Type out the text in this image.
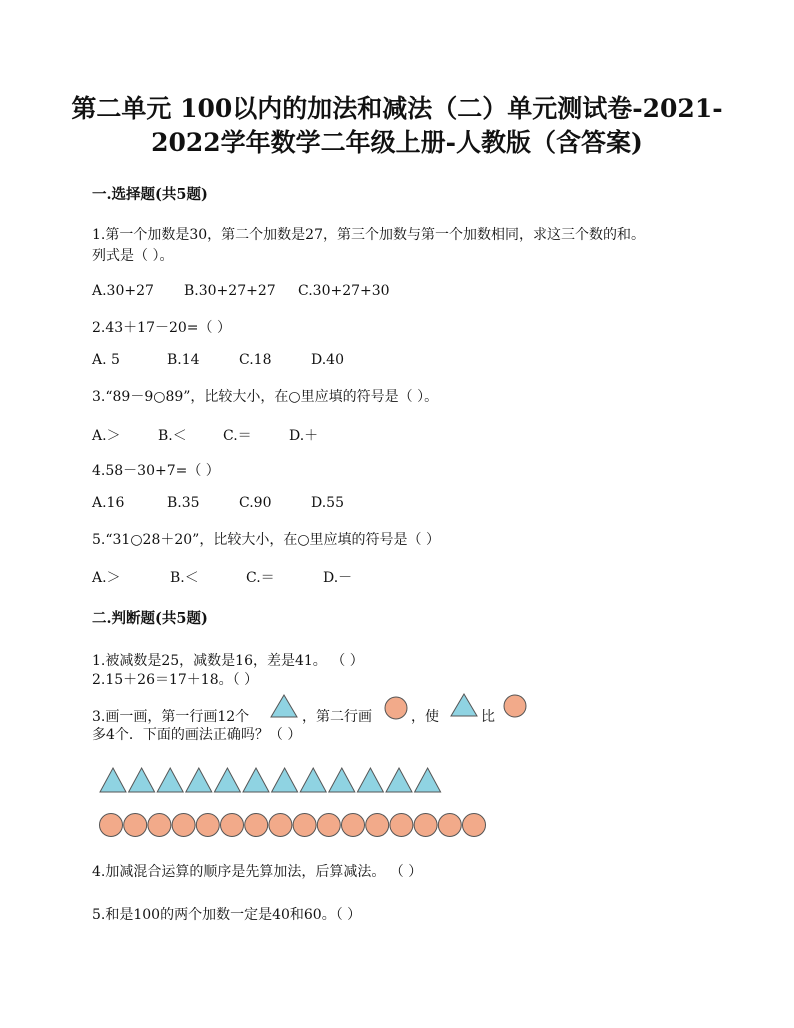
第二单元 100以内的加法和减法（二）单元测试卷-2021-
2022学年数学二年级上册-人教版（含答案)
一.选择题(共5题)
1.第一个加数是30，第二个加数是27，第三个加数与第一个加数相同，求这三个数的和。
列式是（ ）。
A.30+27 B.30+27+27 C.30+27+30
2.43＋17－20=（ ）
A. 5	B.14	C.18	D.40
3.“89－9○89”，比较大小，在○里应填的符号是（ ）。
A.＞	B.＜	C.＝	D.＋
4.58－30+7=（ ）
A.16	B.35	C.90	D.55
5.“31○28＋20”，比较大小，在○里应填的符号是（ ）
A.＞	B.＜	C.＝	D.－
二.判断题(共5题)
1.被减数是25，减数是16，差是41。 （ ）
2.15＋26＝17＋18。（ ）
3.画一画，第一行画12个	，第二行画	，使	比
多4个．下面的画法正确吗？（ ）
4.加减混合运算的顺序是先算加法，后算减法。 （ ）
5.和是100的两个加数一定是40和60。（ ）
